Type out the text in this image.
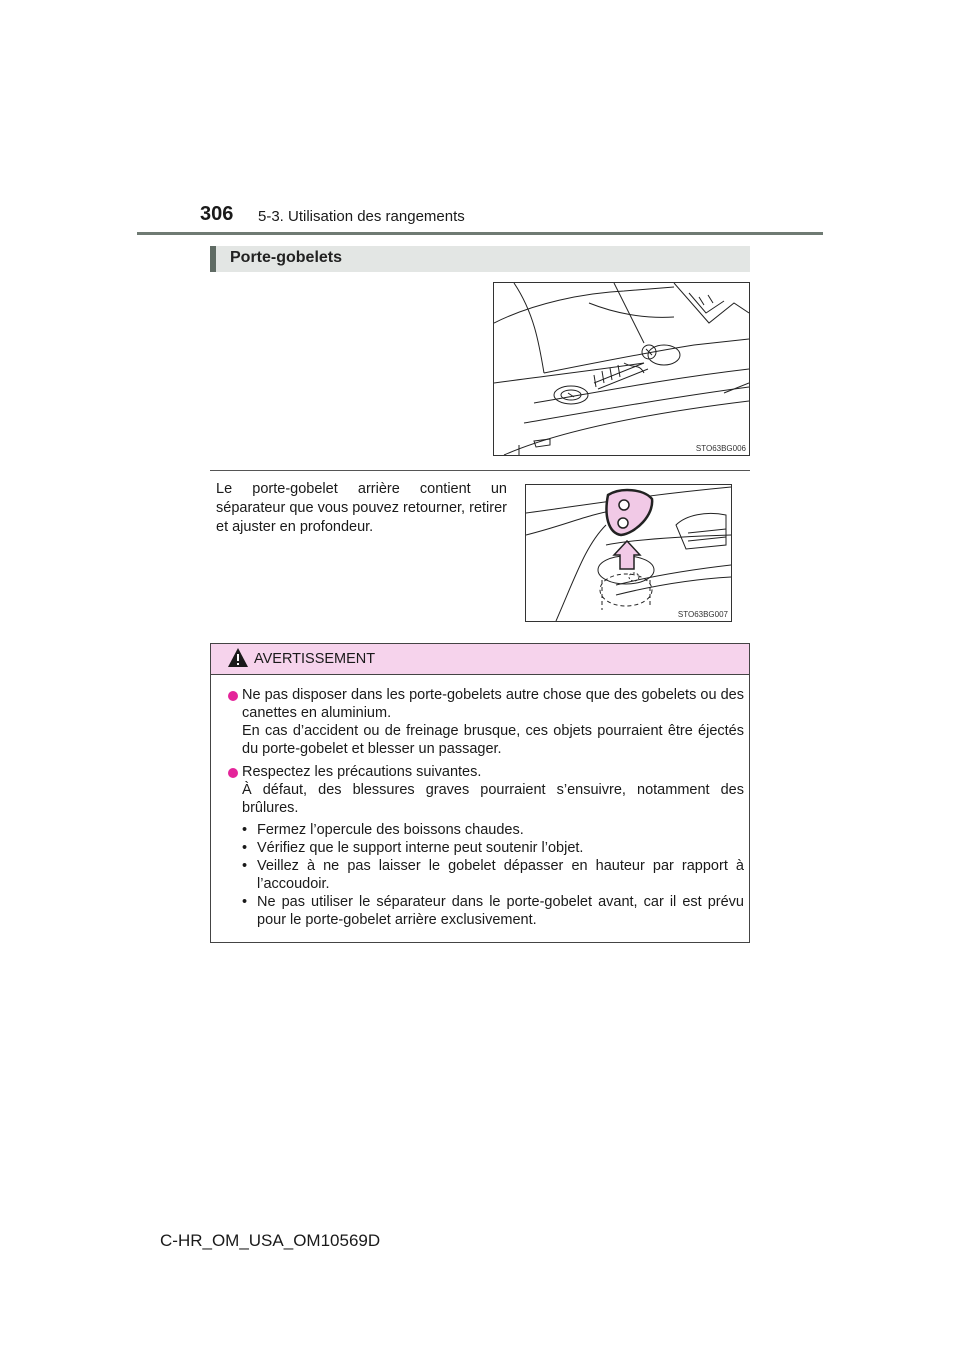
306 5-3. Utilisation des rangements
Porte-gobelets
STO63BG006
Le porte-gobelet arrière contient un séparateur que vous pouvez retourner, retirer et ajuster en profondeur.
STO63BG007
AVERTISSEMENT

Ne pas disposer dans les porte-gobelets autre chose que des gobelets ou des canettes en aluminium.

En cas d’accident ou de freinage brusque, ces objets pourraient être éjectés du porte-gobelet et blesser un passager.

Respectez les précautions suivantes.

À défaut, des blessures graves pourraient s’ensuivre, notamment des brûlures.

• Fermez l’opercule des boissons chaudes.
• Vérifiez que le support interne peut soutenir l’objet.
• Veillez à ne pas laisser le gobelet dépasser en hauteur par rapport à l’accoudoir.
• Ne pas utiliser le séparateur dans le porte-gobelet avant, car il est prévu pour le porte-gobelet arrière exclusivement.
C-HR_OM_USA_OM10569D
